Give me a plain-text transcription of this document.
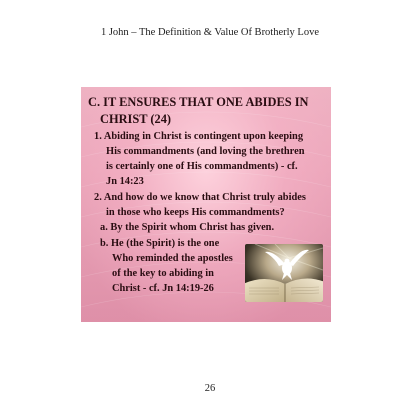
1 John – The Definition & Value Of Brotherly Love
C. IT ENSURES THAT ONE ABIDES IN
CHRIST (24)
1. Abiding in Christ is contingent upon keeping
His commandments (and loving the brethren
is certainly one of His commandments) - cf.
Jn 14:23
2. And how do we know that Christ truly abides
in those who keeps His commandments?
a. By the Spirit whom Christ has given.
b. He (the Spirit) is the one
Who reminded the apostles
of the key to abiding in
Christ - cf. Jn 14:19-26
26
